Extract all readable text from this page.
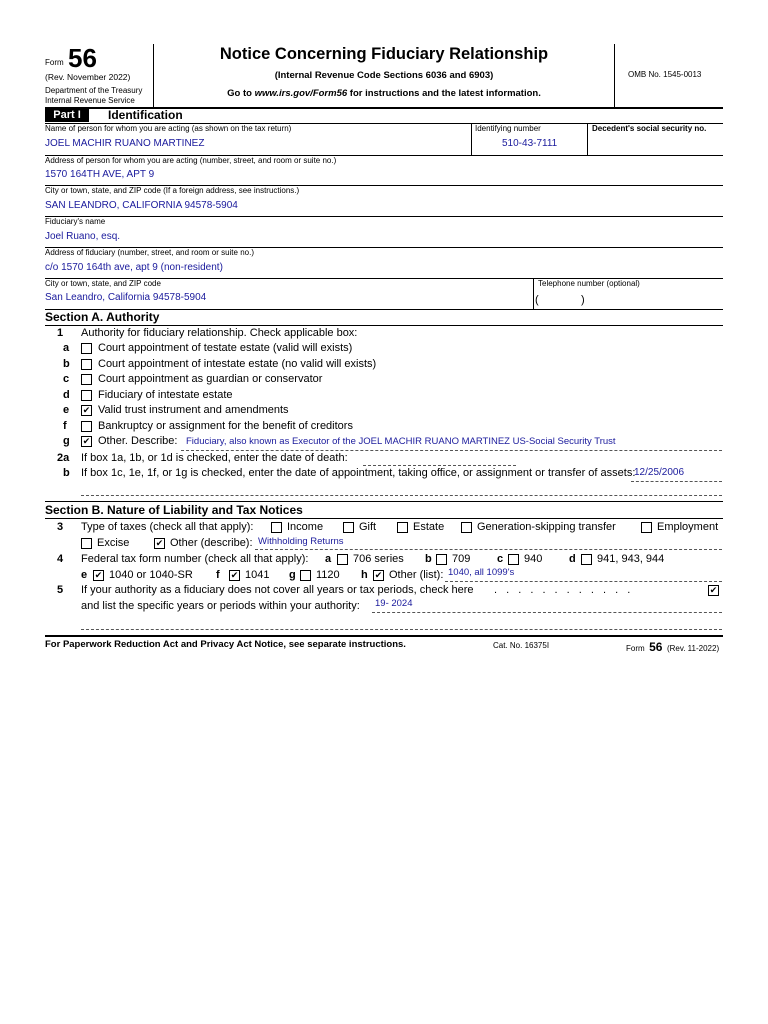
Form 56
(Rev. November 2022)
Department of the Treasury
Internal Revenue Service
Notice Concerning Fiduciary Relationship
(Internal Revenue Code Sections 6036 and 6903)
Go to www.irs.gov/Form56 for instructions and the latest information.
OMB No. 1545-0013
Part I	Identification
Name of person for whom you are acting (as shown on the tax return)
JOEL MACHIR RUANO MARTINEZ
Identifying number
510-43-7111
Decedent's social security no.
Address of person for whom you are acting (number, street, and room or suite no.)
1570 164TH AVE, APT 9
City or town, state, and ZIP code (If a foreign address, see instructions.)
SAN LEANDRO, CALIFORNIA 94578-5904
Fiduciary's name
Joel Ruano, esq.
Address of fiduciary (number, street, and room or suite no.)
c/o 1570 164th ave, apt 9 (non-resident)
City or town, state, and ZIP code
San Leandro, California 94578-5904
Telephone number (optional)
(	)
Section A. Authority
1 Authority for fiduciary relationship. Check applicable box:
a	Court appointment of testate estate (valid will exists)
b	Court appointment of intestate estate (no valid will exists)
c	Court appointment as guardian or conservator
d	Fiduciary of intestate estate
e ✔ Valid trust instrument and amendments
f	Bankruptcy or assignment for the benefit of creditors
g ✔ Other. Describe: Fiduciary, also known as Executor of the JOEL MACHIR RUANO MARTINEZ US-Social Security Trust
2a If box 1a, 1b, or 1d is checked, enter the date of death:
b If box 1c, 1e, 1f, or 1g is checked, enter the date of appointment, taking office, or assignment or transfer of assets:
12/25/2006
Section B. Nature of Liability and Tax Notices
3 Type of taxes (check all that apply):	Income	Gift	Estate	Generation-skipping transfer	Employment
Excise	✔ Other (describe): Withholding Returns
4 Federal tax form number (check all that apply): a 706 series b 709 c 940 d 941, 943, 944
e ✔ 1040 or 1040-SR f ✔ 1041 g 1120 h ✔ Other (list): 1040, all 1099's
5 If your authority as a fiduciary does not cover all years or tax periods, check here . . . . . . . . . . . .	✔
and list the specific years or periods within your authority: 19- 2024
For Paperwork Reduction Act and Privacy Act Notice, see separate instructions.	Cat. No. 16375I	Form 56 (Rev. 11-2022)
